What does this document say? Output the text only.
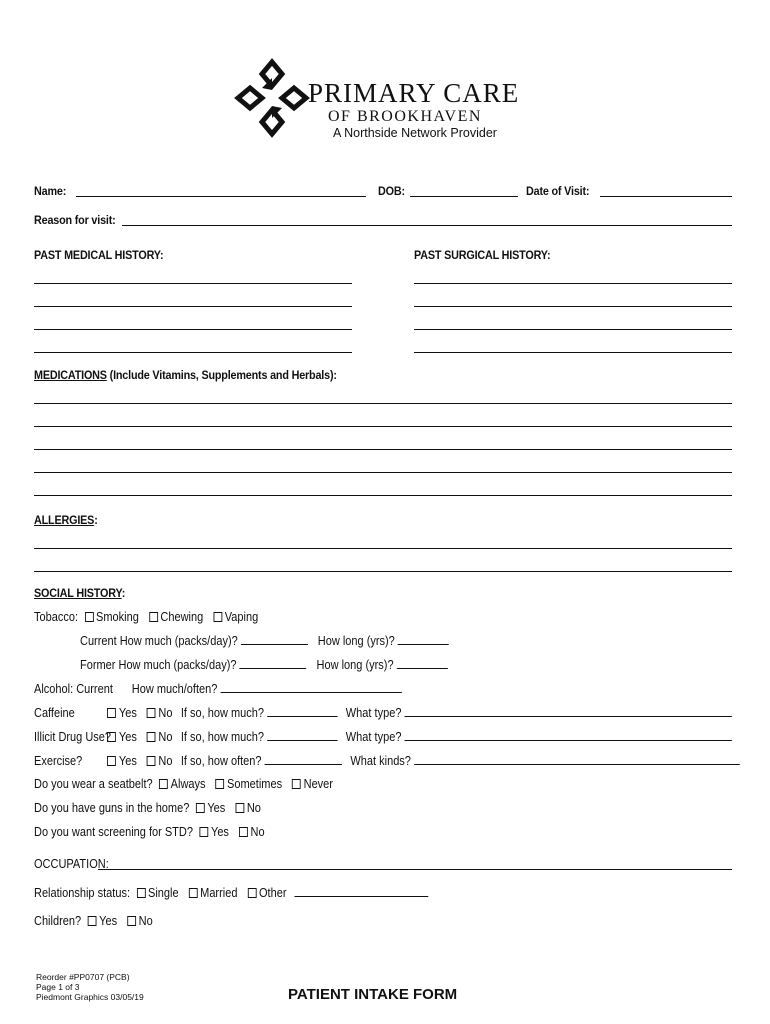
PRIMARY CARE
OF BROOKHAVEN
A Northside Network Provider
Name:	DOB:	Date of Visit:
Reason for visit:
PAST MEDICAL HISTORY:	PAST SURGICAL HISTORY:
MEDICATIONS (Include Vitamins, Supplements and Herbals):
ALLERGIES:
SOCIAL HISTORY:
Tobacco: Smoking Chewing Vaping
Current How much (packs/day)?	How long (yrs)?
Former How much (packs/day)?	How long (yrs)?
Alcohol: Current How much/often?
Caffeine	Yes No If so, how much?	What type?
Illicit Drug Use? Yes No If so, how much?	What type?
Exercise?	Yes No If so, how often?	What kinds?
Do you wear a seatbelt? Always Sometimes Never
Do you have guns in the home? Yes No
Do you want screening for STD? Yes No
OCCUPATION:
Relationship status: Single Married Other
Children? Yes No
Reorder #PP0707 (PCB)
Page 1 of 3
Piedmont Graphics 03/05/19	PATIENT INTAKE FORM
